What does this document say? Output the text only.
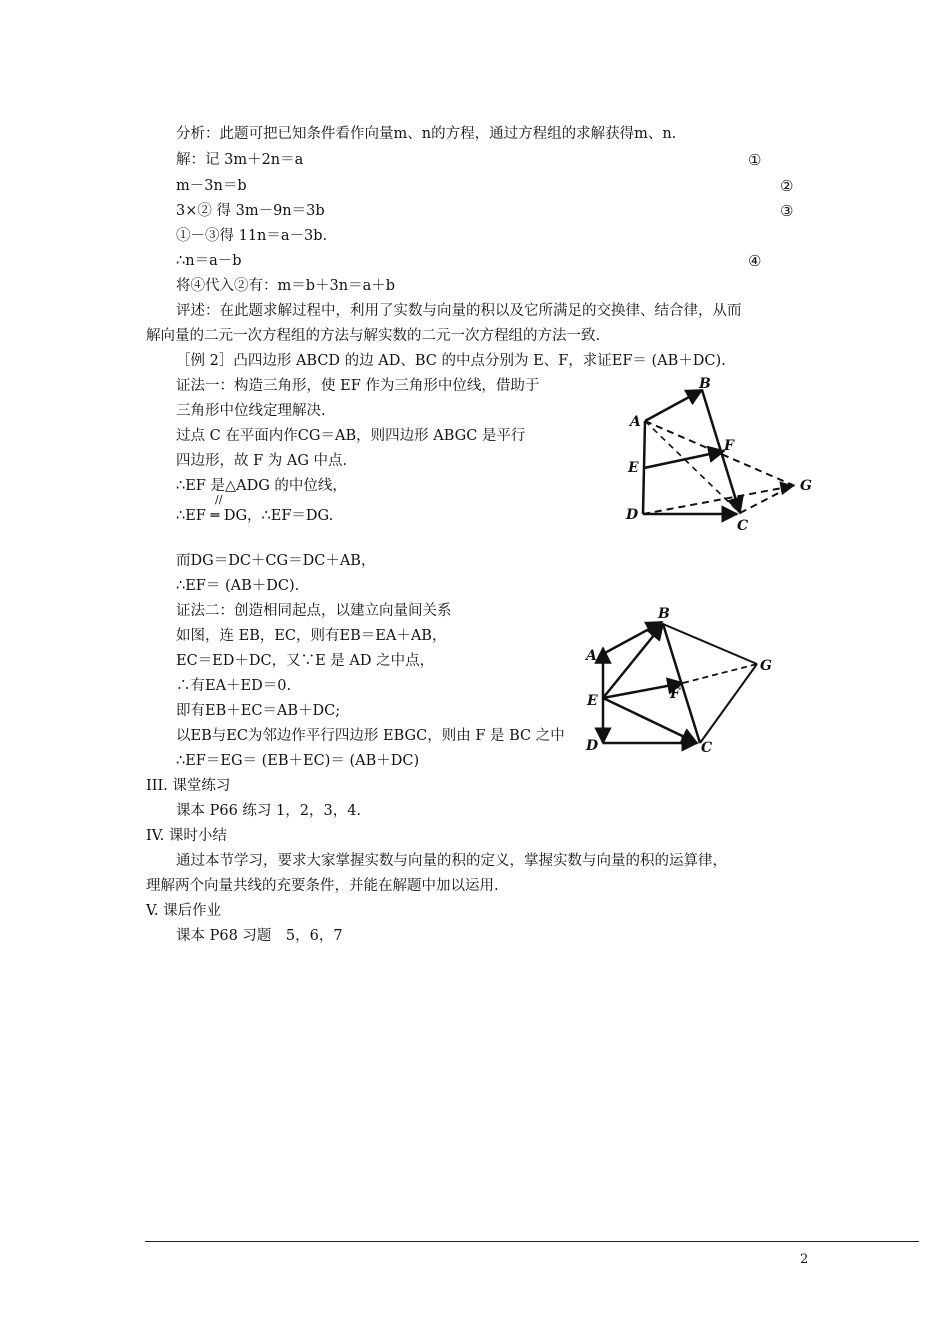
分析：此题可把已知条件看作向量m、n的方程，通过方程组的求解获得m、n.
解：记 3m＋2n＝a	①
m－3n＝b	②
3×② 得 3m－9n＝3b	③
①－③得 11n＝a－3b.
∴n＝a－b	④
将④代入②有：m＝b＋3n＝a＋b
评述：在此题求解过程中，利用了实数与向量的积以及它所满足的交换律、结合律，从而
解向量的二元一次方程组的方法与解实数的二元一次方程组的方法一致.
［例 2］凸四边形 ABCD 的边 AD、BC 的中点分别为 E、F，求证EF＝ (AB＋DC).
证法一：构造三角形，使 EF 作为三角形中位线，借助于
三角形中位线定理解决.
过点 C 在平面内作CG＝AB，则四边形 ABGC 是平行
四边形，故 F 为 AG 中点.
∴EF 是△ADG 的中位线，
//
∴EF ═ DG，∴EF＝DG.
而DG＝DC＋CG＝DC＋AB，
∴EF＝ (AB＋DC).
证法二：创造相同起点，以建立向量间关系
如图，连 EB，EC，则有EB＝EA＋AB，
EC＝ED＋DC，又∵E 是 AD 之中点，
∴有EA＋ED＝0.
即有EB＋EC＝AB＋DC;
以EB与EC为邻边作平行四边形 EBGC，则由 F 是 BC 之中
∴EF＝EG＝ (EB＋EC)＝ (AB＋DC)
III. 课堂练习
课本 P66 练习 1，2，3，4.
IV. 课时小结
通过本节学习，要求大家掌握实数与向量的积的定义，掌握实数与向量的积的运算律，
理解两个向量共线的充要条件，并能在解题中加以运用.
V. 课后作业
课本 P68 习题　5，6，7
A
B
C
D
E
F
G
A
B
C
D
E	F
G
2
